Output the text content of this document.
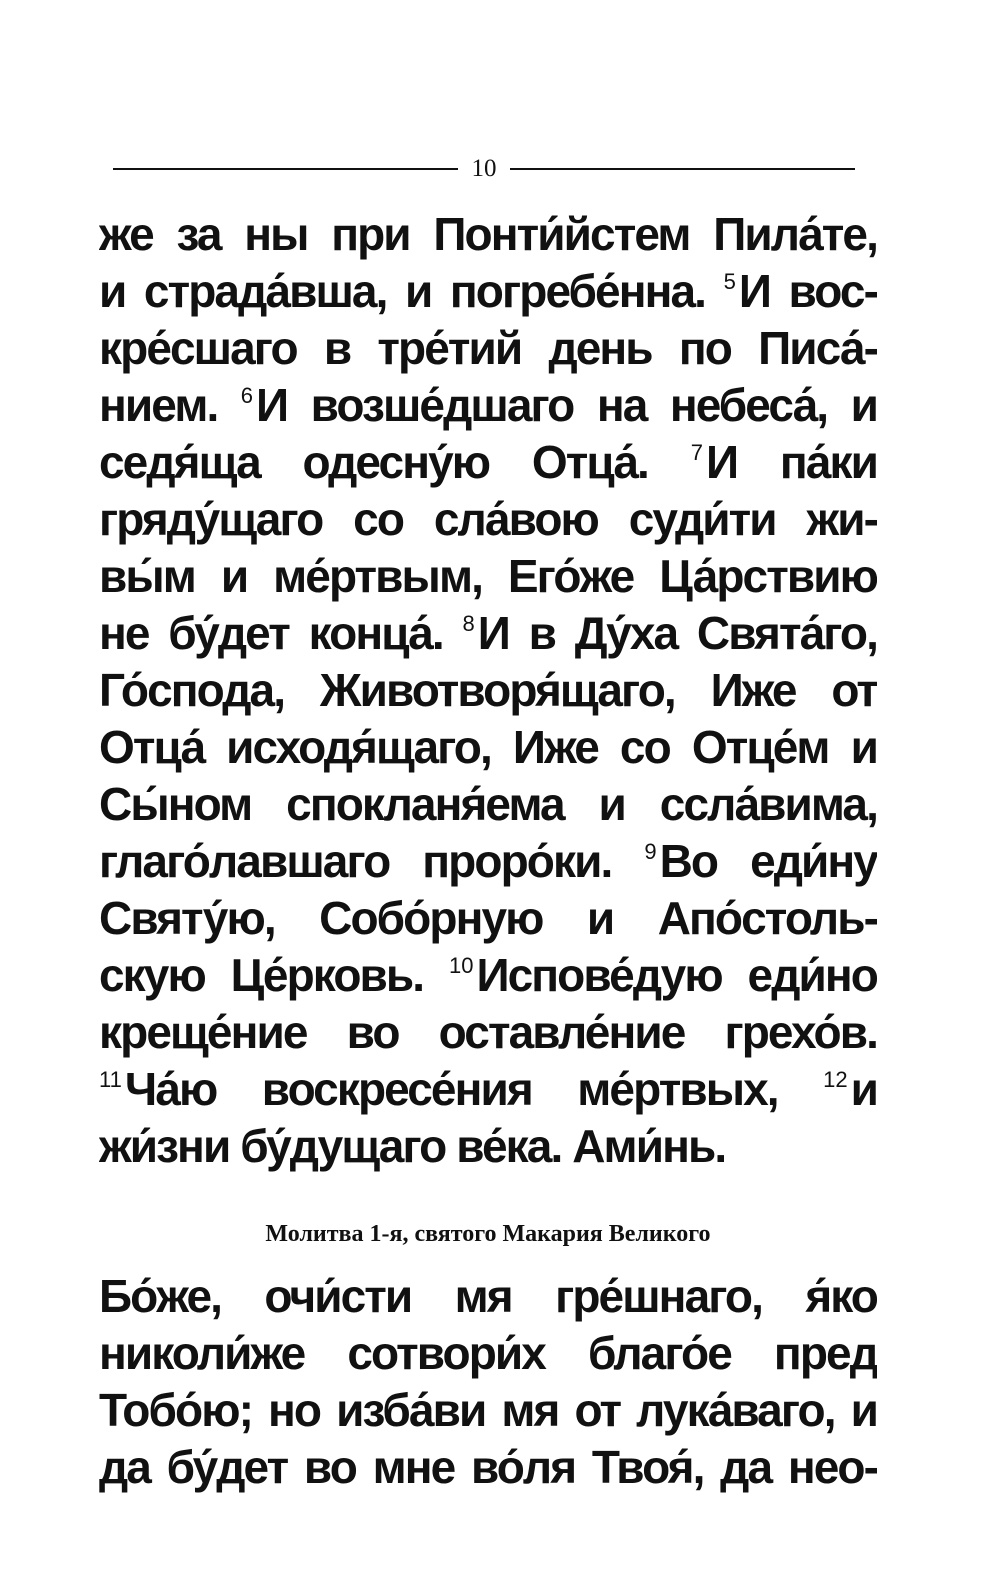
10
же за ны при Понти́йстем Пила́те,
и страда́вша, и погребе́нна. $^5$И вос-
кре́сшаго в тре́тий день по Писа́-
нием. $^6$И возше́дшаго на небеса́, и
седя́ща одесну́ю Отца́. $^7$И па́ки
гряду́щаго со сла́вою суди́ти жи-
вы́м и ме́ртвым, Его́же Ца́рствию
не бу́дет конца́. $^8$И в Ду́ха Свята́го,
Го́спода, Животворя́щаго, Иже от
Отца́ исходя́щаго, Иже со Отце́м и
Сы́ном спокланя́ема и ссла́вима,
глаго́лавшаго проро́ки. $^9$Во еди́ну
Святу́ю, Собо́рную и Апо́столь-
скую Це́рковь. $^{10}$Испове́дую еди́но
креще́ние во оставле́ние грехо́в.
$^{11}$Ча́ю воскресе́ния ме́ртвых, $^{12}$и
жи́зни бу́дущаго ве́ка. Ами́нь.
Молитва 1-я, святого Макария Великого
Бо́же, очи́сти мя гре́шнаго, я́ко
николи́же сотвори́х благо́е пред
Тобо́ю; но изба́ви мя от лука́ваго, и
да бу́дет во мне во́ля Твоя́, да нео-
